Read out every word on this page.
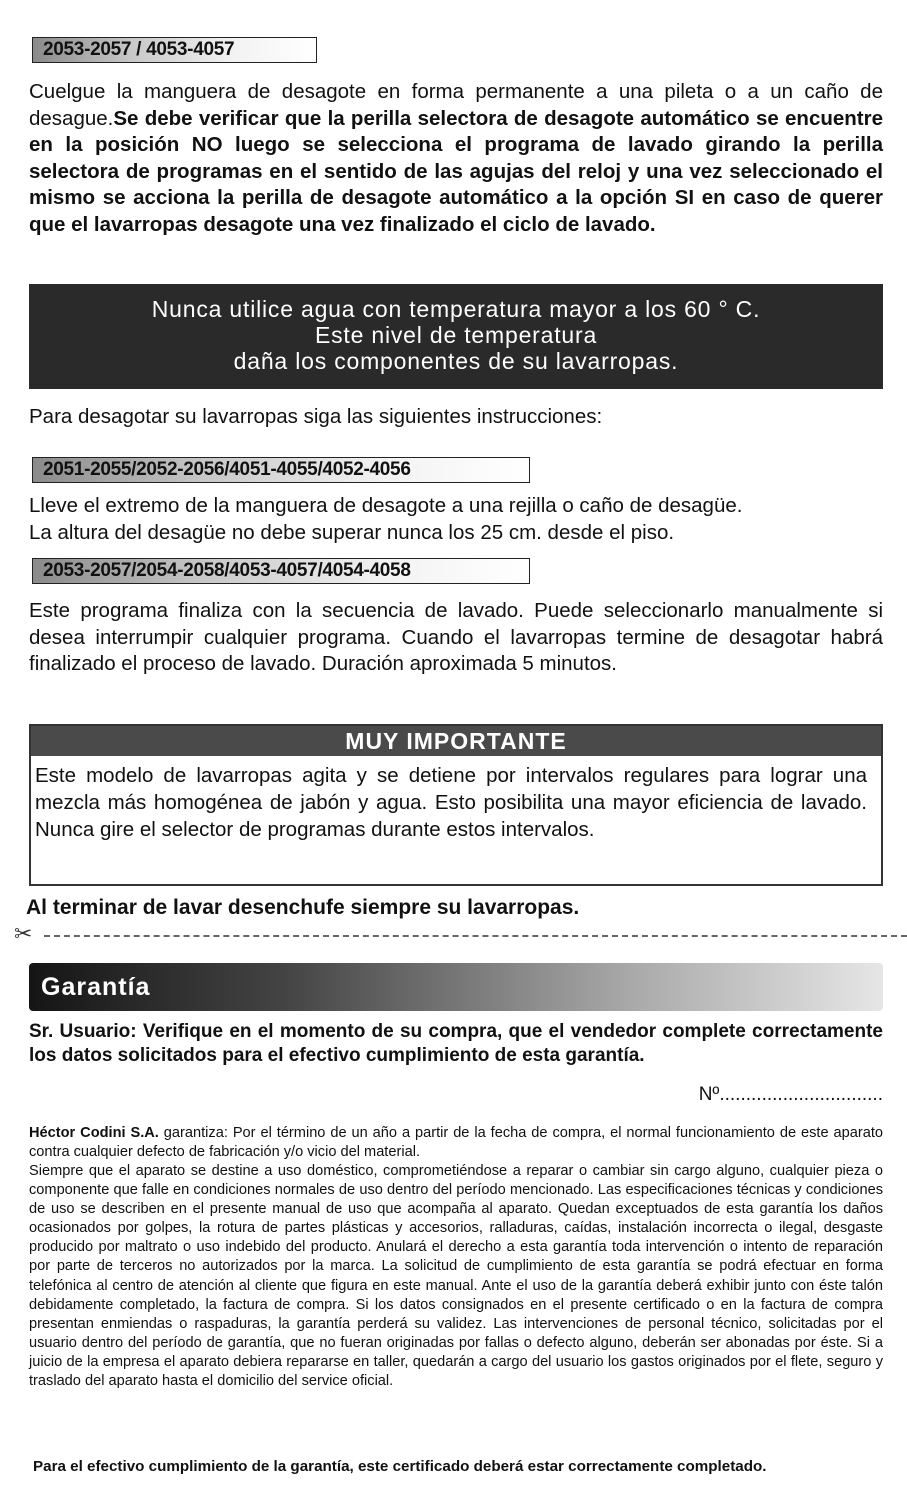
2053-2057 / 4053-4057

Cuelgue la manguera de desagote en forma permanente a una pileta o a un caño de desague.Se debe verificar que la perilla selectora de desagote automático se encuentre en la posición NO luego se selecciona el programa de lavado girando la perilla selectora de programas en el sentido de las agujas del reloj y una vez seleccionado el mismo se acciona la perilla de desagote automático a la opción SI en caso de querer que el lavarropas desagote una vez finalizado el ciclo de lavado.

Nunca utilice agua con temperatura mayor a los 60 ° C.
Este nivel de temperatura
daña los componentes de su lavarropas.

Para desagotar su lavarropas siga las siguientes instrucciones:

2051-2055/2052-2056/4051-4055/4052-4056

Lleve el extremo de la manguera de desagote a una rejilla o caño de desagüe.

La altura del desagüe no debe superar nunca los 25 cm. desde el piso.

2053-2057/2054-2058/4053-4057/4054-4058

Este programa finaliza con la secuencia de lavado. Puede seleccionarlo manualmente si desea interrumpir cualquier programa. Cuando el lavarropas termine de desagotar habrá finalizado el proceso de lavado. Duración aproximada 5 minutos.

MUY IMPORTANTE
Este modelo de lavarropas agita y se detiene por intervalos regulares para lograr una mezcla más homogénea de jabón y agua. Esto posibilita una mayor eficiencia de lavado. Nunca gire el selector de programas durante estos intervalos.
Al terminar de lavar desenchufe siempre su lavarropas.
✂
Garantía

Sr. Usuario: Verifique en el momento de su compra, que el vendedor complete correctamente los datos solicitados para el efectivo cumplimiento de esta garantía.

Nº...............................

Héctor Codini S.A. garantiza: Por el término de un año a partir de la fecha de compra, el normal funcionamiento de este aparato contra cualquier defecto de fabricación y/o vicio del material.

Siempre que el aparato se destine a uso doméstico, comprometiéndose a reparar o cambiar sin cargo alguno, cualquier pieza o componente que falle en condiciones normales de uso dentro del período mencionado. Las especificaciones técnicas y condiciones de uso se describen en el presente manual de uso que acompaña al aparato. Quedan exceptuados de esta garantía los daños ocasionados por golpes, la rotura de partes plásticas y accesorios, ralladuras, caídas, instalación incorrecta o ilegal, desgaste producido por maltrato o uso indebido del producto. Anulará el derecho a esta garantía toda intervención o intento de reparación por parte de terceros no autorizados por la marca. La solicitud de cumplimiento de esta garantía se podrá efectuar en forma telefónica al centro de atención al cliente que figura en este manual. Ante el uso de la garantía deberá exhibir junto con éste talón debidamente completado, la factura de compra. Si los datos consignados en el presente certificado o en la factura de compra presentan enmiendas o raspaduras, la garantía perderá su validez. Las intervenciones de personal técnico, solicitadas por el usuario dentro del período de garantía, que no fueran originadas por fallas o defecto alguno, deberán ser abonadas por éste. Si a juicio de la empresa el aparato debiera repararse en taller, quedarán a cargo del usuario los gastos originados por el flete, seguro y traslado del aparato hasta el domicilio del service oficial.

Para el efectivo cumplimiento de la garantía, este certificado deberá estar correctamente completado.
